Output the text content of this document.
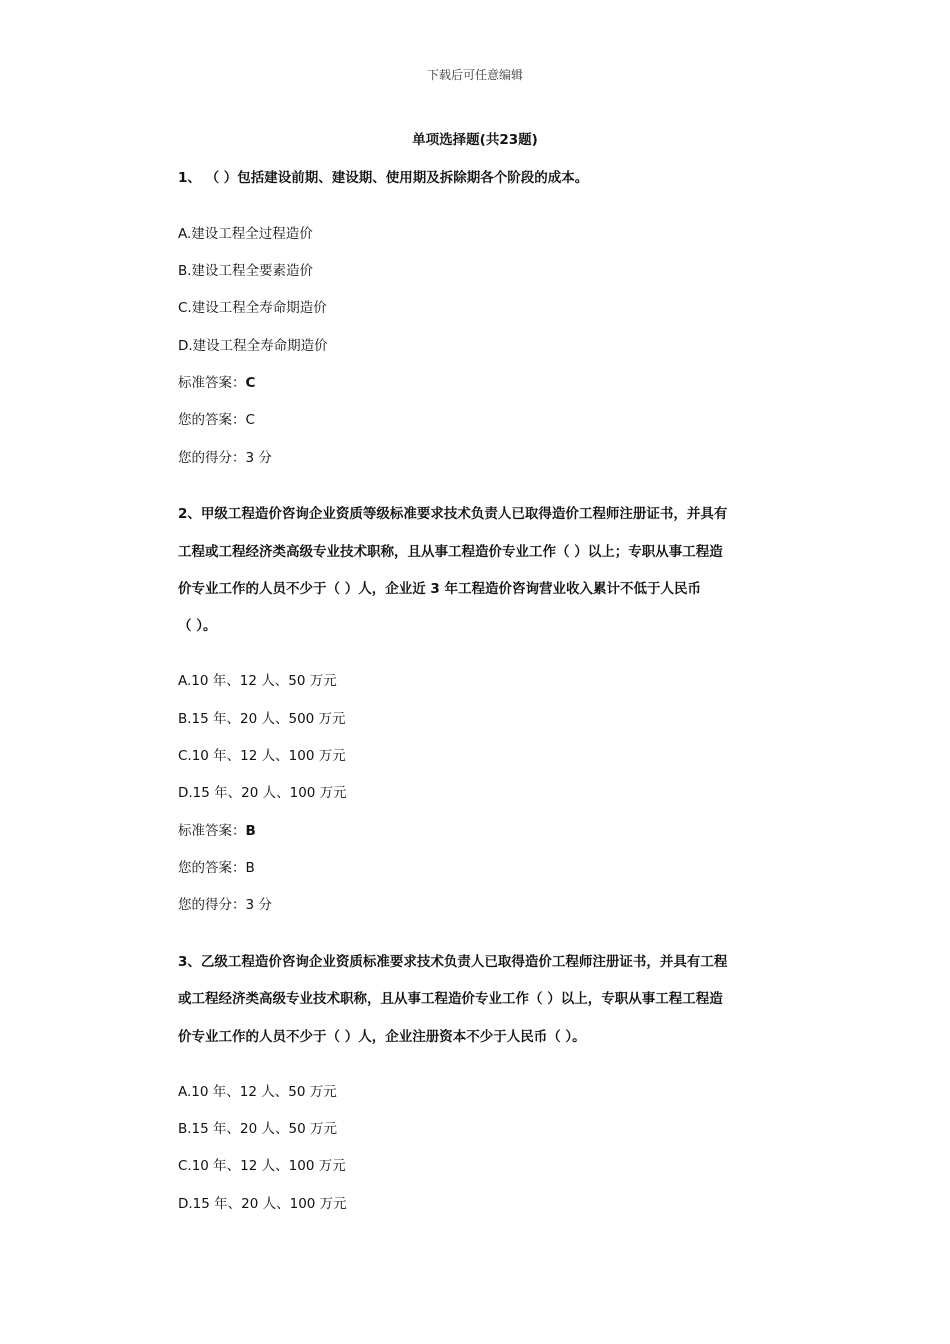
下载后可任意编辑
单项选择题(共23题)
1、 （ ）包括建设前期、建设期、使用期及拆除期各个阶段的成本。
A.建设工程全过程造价
B.建设工程全要素造价
C.建设工程全寿命期造价
D.建设工程全寿命期造价
标准答案：C
您的答案：C
您的得分：3 分
2、甲级工程造价咨询企业资质等级标准要求技术负责人已取得造价工程师注册证书，并具有
工程或工程经济类高级专业技术职称，且从事工程造价专业工作（ ）以上；专职从事工程造
价专业工作的人员不少于（ ）人，企业近 3 年工程造价咨询营业收入累计不低于人民币
（ ）。
A.10 年、12 人、50 万元
B.15 年、20 人、500 万元
C.10 年、12 人、100 万元
D.15 年、20 人、100 万元
标准答案：B
您的答案：B
您的得分：3 分
3、乙级工程造价咨询企业资质标准要求技术负责人已取得造价工程师注册证书，并具有工程
或工程经济类高级专业技术职称，且从事工程造价专业工作（ ）以上，专职从事工程工程造
价专业工作的人员不少于（ ）人，企业注册资本不少于人民币（ ）。
A.10 年、12 人、50 万元
B.15 年、20 人、50 万元
C.10 年、12 人、100 万元
D.15 年、20 人、100 万元
